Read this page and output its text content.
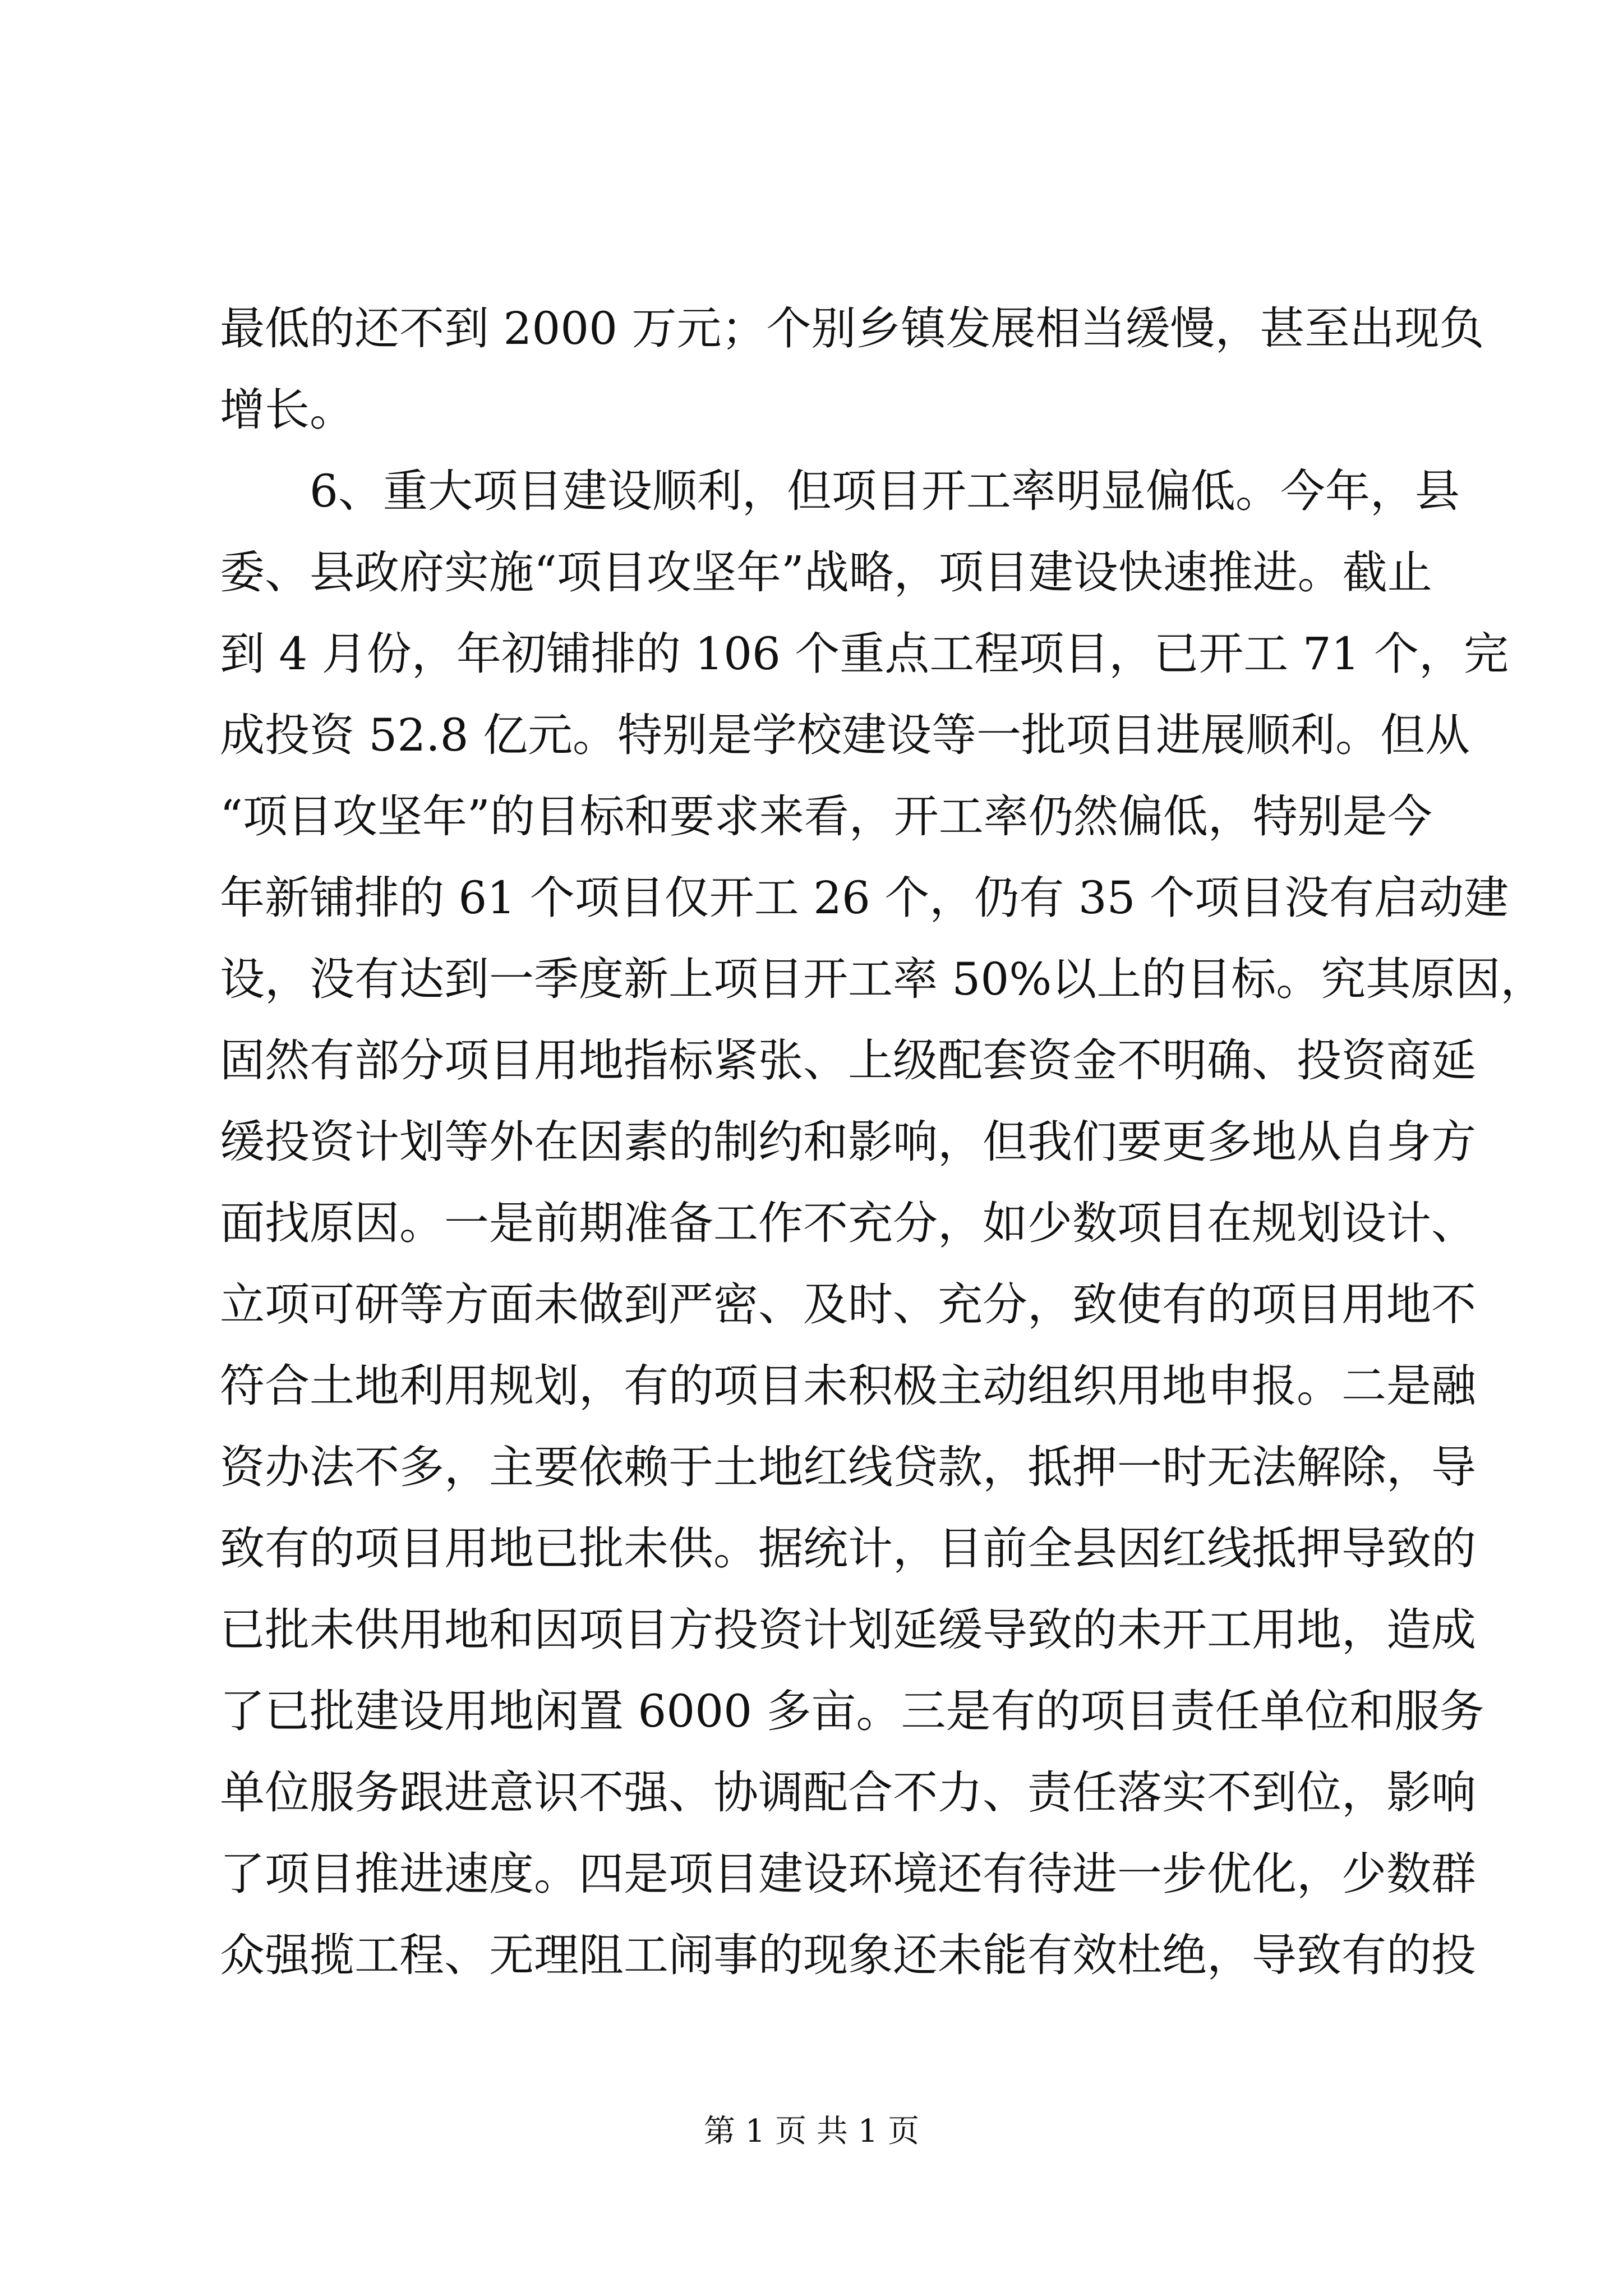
最低的还不到 2000 万元；个别乡镇发展相当缓慢，甚至出现负
增长。
6、重大项目建设顺利，但项目开工率明显偏低。今年，县
委、县政府实施“项目攻坚年”战略，项目建设快速推进。截止
到 4 月份，年初铺排的 106 个重点工程项目，已开工 71 个，完
成投资 52.8 亿元。特别是学校建设等一批项目进展顺利。但从
“项目攻坚年”的目标和要求来看，开工率仍然偏低，特别是今
年新铺排的 61 个项目仅开工 26 个，仍有 35 个项目没有启动建
设，没有达到一季度新上项目开工率 50%以上的目标。究其原因，
固然有部分项目用地指标紧张、上级配套资金不明确、投资商延
缓投资计划等外在因素的制约和影响，但我们要更多地从自身方
面找原因。一是前期准备工作不充分，如少数项目在规划设计、
立项可研等方面未做到严密、及时、充分，致使有的项目用地不
符合土地利用规划，有的项目未积极主动组织用地申报。二是融
资办法不多，主要依赖于土地红线贷款，抵押一时无法解除，导
致有的项目用地已批未供。据统计，目前全县因红线抵押导致的
已批未供用地和因项目方投资计划延缓导致的未开工用地，造成
了已批建设用地闲置 6000 多亩。三是有的项目责任单位和服务
单位服务跟进意识不强、协调配合不力、责任落实不到位，影响
了项目推进速度。四是项目建设环境还有待进一步优化，少数群
众强揽工程、无理阻工闹事的现象还未能有效杜绝，导致有的投
第 1 页 共 1 页
